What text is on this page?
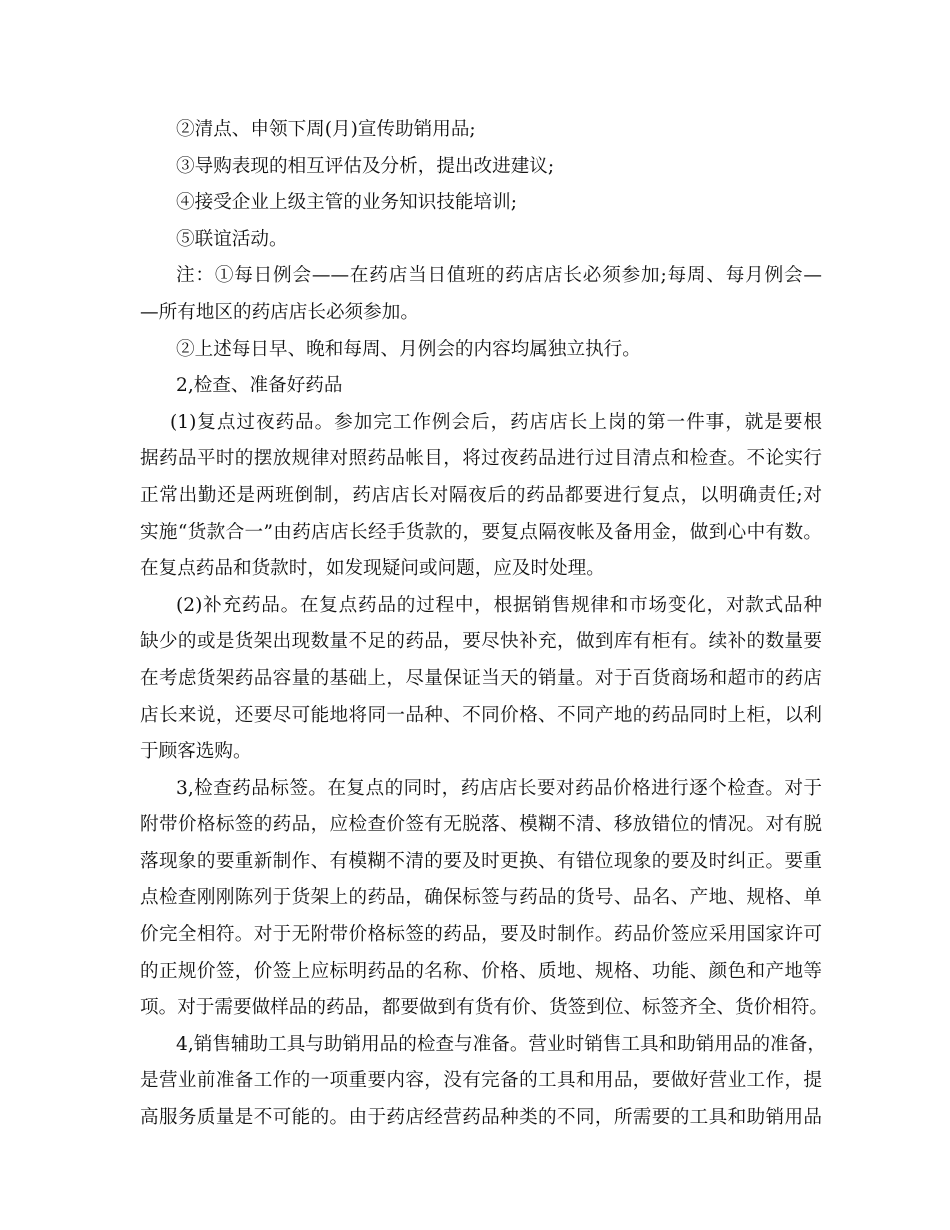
②清点、申领下周(月)宣传助销用品;
③导购表现的相互评估及分析，提出改进建议;
④接受企业上级主管的业务知识技能培训;
⑤联谊活动。
注：①每日例会——在药店当日值班的药店店长必须参加;每周、每月例会—
—所有地区的药店店长必须参加。
②上述每日早、晚和每周、月例会的内容均属独立执行。
2,检查、准备好药品
(1)复点过夜药品。参加完工作例会后，药店店长上岗的第一件事，就是要根
据药品平时的摆放规律对照药品帐目，将过夜药品进行过目清点和检查。不论实行
正常出勤还是两班倒制，药店店长对隔夜后的药品都要进行复点，以明确责任;对
实施“货款合一”由药店店长经手货款的，要复点隔夜帐及备用金，做到心中有数。
在复点药品和货款时，如发现疑问或问题，应及时处理。
(2)补充药品。在复点药品的过程中，根据销售规律和市场变化，对款式品种
缺少的或是货架出现数量不足的药品，要尽快补充，做到库有柜有。续补的数量要
在考虑货架药品容量的基础上，尽量保证当天的销量。对于百货商场和超市的药店
店长来说，还要尽可能地将同一品种、不同价格、不同产地的药品同时上柜，以利
于顾客选购。
3,检查药品标签。在复点的同时，药店店长要对药品价格进行逐个检查。对于
附带价格标签的药品，应检查价签有无脱落、模糊不清、移放错位的情况。对有脱
落现象的要重新制作、有模糊不清的要及时更换、有错位现象的要及时纠正。要重
点检查刚刚陈列于货架上的药品，确保标签与药品的货号、品名、产地、规格、单
价完全相符。对于无附带价格标签的药品，要及时制作。药品价签应采用国家许可
的正规价签，价签上应标明药品的名称、价格、质地、规格、功能、颜色和产地等
项。对于需要做样品的药品，都要做到有货有价、货签到位、标签齐全、货价相符。
4,销售辅助工具与助销用品的检查与准备。营业时销售工具和助销用品的准备，
是营业前准备工作的一项重要内容，没有完备的工具和用品，要做好营业工作，提
高服务质量是不可能的。由于药店经营药品种类的不同，所需要的工具和助销用品
